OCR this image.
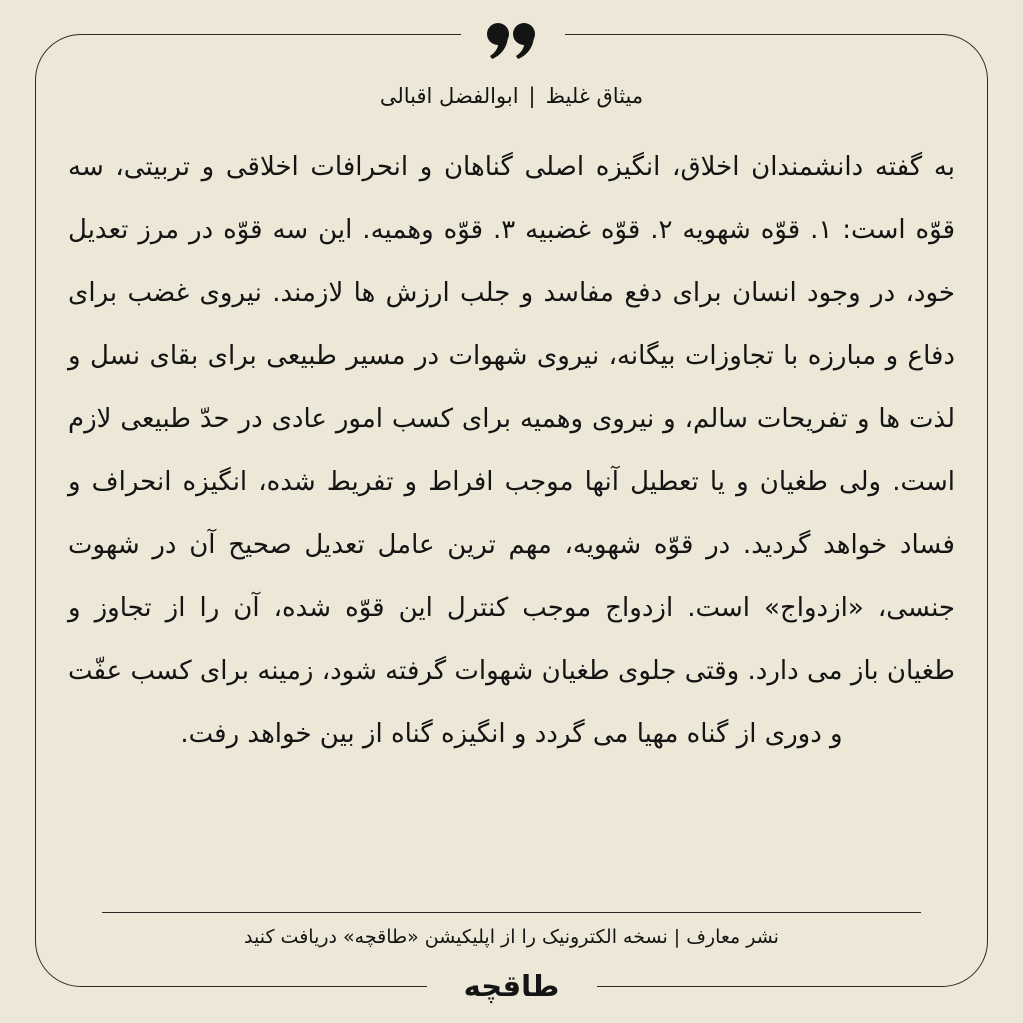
میثاق غلیظ|ابوالفضل اقبالی
به گفته دانشمندان اخلاق، انگیزه اصلی گناهان و انحرافات اخلاقی و تربیتی، سه قوّه است: ۱. قوّه شهویه ۲. قوّه غضبیه ۳. قوّه وهمیه. این سه قوّه در مرز تعدیل خود، در وجود انسان برای دفع مفاسد و جلب ارزش ها لازمند. نیروی غضب برای دفاع و مبارزه با تجاوزات بیگانه، نیروی شهوات در مسیر طبیعی برای بقای نسل و لذت ها و تفریحات سالم، و نیروی وهمیه برای کسب امور عادی در حدّ طبیعی لازم است. ولی طغیان و یا تعطیل آنها موجب افراط و تفریط شده، انگیزه انحراف و فساد خواهد گردید. در قوّه شهویه، مهم ترین عامل تعدیل صحیح آن در شهوت جنسی، «ازدواج» است. ازدواج موجب کنترل این قوّه شده، آن را از تجاوز و طغیان باز می دارد. وقتی جلوی طغیان شهوات گرفته شود، زمینه برای کسب عفّت و دوری از گناه مهیا می گردد و انگیزه گناه از بین خواهد رفت.
نشر معارف | نسخه الکترونیک را از اپلیکیشن «طاقچه» دریافت کنید
طاقچه
